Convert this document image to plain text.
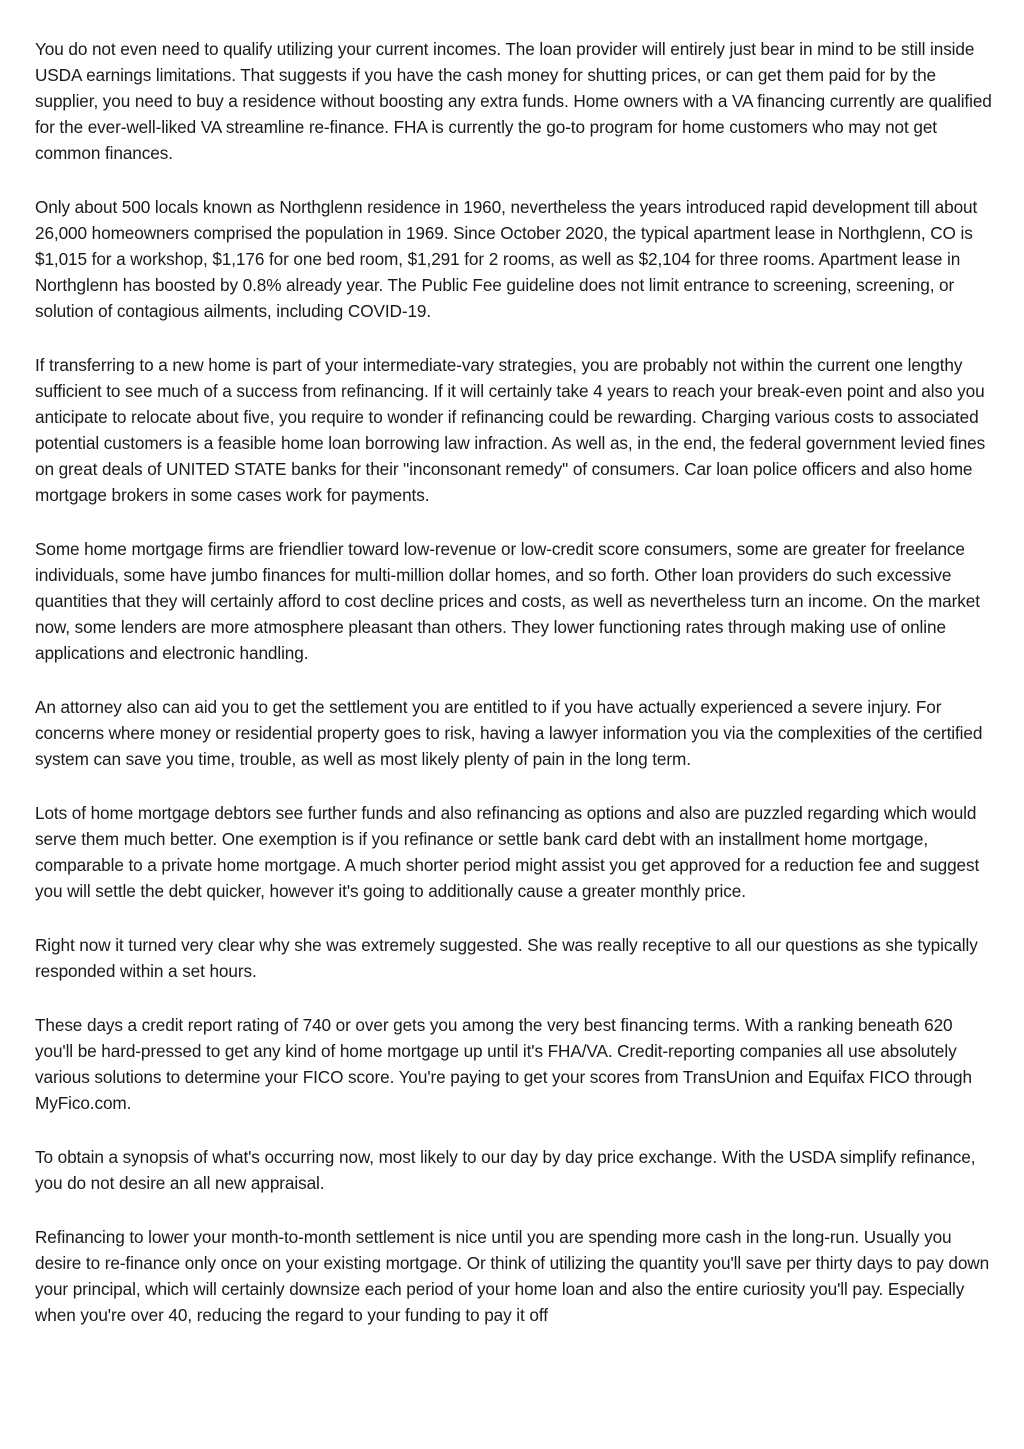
You do not even need to qualify utilizing your current incomes. The loan provider will entirely just bear in mind to be still inside USDA earnings limitations. That suggests if you have the cash money for shutting prices, or can get them paid for by the supplier, you need to buy a residence without boosting any extra funds. Home owners with a VA financing currently are qualified for the ever-well-liked VA streamline re-finance. FHA is currently the go-to program for home customers who may not get common finances.

Only about 500 locals known as Northglenn residence in 1960, nevertheless the years introduced rapid development till about 26,000 homeowners comprised the population in 1969. Since October 2020, the typical apartment lease in Northglenn, CO is $1,015 for a workshop, $1,176 for one bed room, $1,291 for 2 rooms, as well as $2,104 for three rooms. Apartment lease in Northglenn has boosted by 0.8% already year. The Public Fee guideline does not limit entrance to screening, screening, or solution of contagious ailments, including COVID-19.

If transferring to a new home is part of your intermediate-vary strategies, you are probably not within the current one lengthy sufficient to see much of a success from refinancing. If it will certainly take 4 years to reach your break-even point and also you anticipate to relocate about five, you require to wonder if refinancing could be rewarding. Charging various costs to associated potential customers is a feasible home loan borrowing law infraction. As well as, in the end, the federal government levied fines on great deals of UNITED STATE banks for their "inconsonant remedy" of consumers. Car loan police officers and also home mortgage brokers in some cases work for payments.

Some home mortgage firms are friendlier toward low-revenue or low-credit score consumers, some are greater for freelance individuals, some have jumbo finances for multi-million dollar homes, and so forth. Other loan providers do such excessive quantities that they will certainly afford to cost decline prices and costs, as well as nevertheless turn an income. On the market now, some lenders are more atmosphere pleasant than others. They lower functioning rates through making use of online applications and electronic handling.

An attorney also can aid you to get the settlement you are entitled to if you have actually experienced a severe injury. For concerns where money or residential property goes to risk, having a lawyer information you via the complexities of the certified system can save you time, trouble, as well as most likely plenty of pain in the long term.

Lots of home mortgage debtors see further funds and also refinancing as options and also are puzzled regarding which would serve them much better. One exemption is if you refinance or settle bank card debt with an installment home mortgage, comparable to a private home mortgage. A much shorter period might assist you get approved for a reduction fee and suggest you will settle the debt quicker, however it's going to additionally cause a greater monthly price.

Right now it turned very clear why she was extremely suggested. She was really receptive to all our questions as she typically responded within a set hours.

These days a credit report rating of 740 or over gets you among the very best financing terms. With a ranking beneath 620 you'll be hard-pressed to get any kind of home mortgage up until it's FHA/VA. Credit-reporting companies all use absolutely various solutions to determine your FICO score. You're paying to get your scores from TransUnion and Equifax FICO through MyFico.com.

To obtain a synopsis of what's occurring now, most likely to our day by day price exchange. With the USDA simplify refinance, you do not desire an all new appraisal.

Refinancing to lower your month-to-month settlement is nice until you are spending more cash in the long-run. Usually you desire to re-finance only once on your existing mortgage. Or think of utilizing the quantity you'll save per thirty days to pay down your principal, which will certainly downsize each period of your home loan and also the entire curiosity you'll pay. Especially when you're over 40, reducing the regard to your funding to pay it off
